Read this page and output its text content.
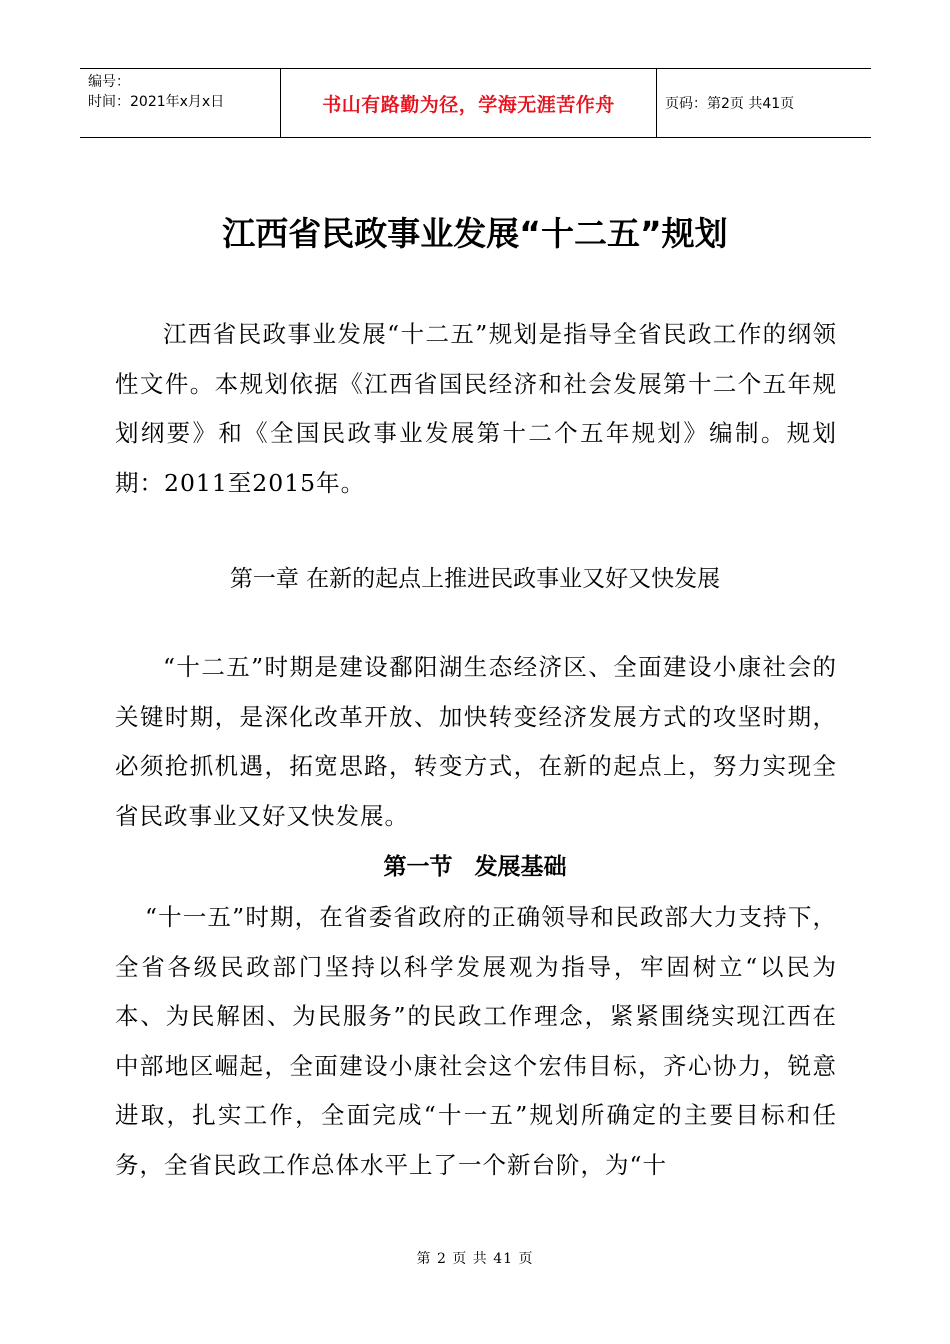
编号：
时间：2021年x月x日	书山有路勤为径，学海无涯苦作舟	页码：第2页 共41页
江西省民政事业发展“十二五”规划

江西省民政事业发展“十二五”规划是指导全省民政工作的纲领性文件。本规划依据《江西省国民经济和社会发展第十二个五年规划纲要》和《全国民政事业发展第十二个五年规划》编制。规划期：2011至2015年。

第一章 在新的起点上推进民政事业又好又快发展

“十二五”时期是建设鄱阳湖生态经济区、全面建设小康社会的关键时期，是深化改革开放、加快转变经济发展方式的攻坚时期，必须抢抓机遇，拓宽思路，转变方式，在新的起点上，努力实现全省民政事业又好又快发展。

第一节 发展基础

“十一五”时期，在省委省政府的正确领导和民政部大力支持下，全省各级民政部门坚持以科学发展观为指导，牢固树立“以民为本、为民解困、为民服务”的民政工作理念，紧紧围绕实现江西在中部地区崛起，全面建设小康社会这个宏伟目标，齐心协力，锐意进取，扎实工作，全面完成“十一五”规划所确定的主要目标和任务，全省民政工作总体水平上了一个新台阶，为“十

第 2 页 共 41 页
